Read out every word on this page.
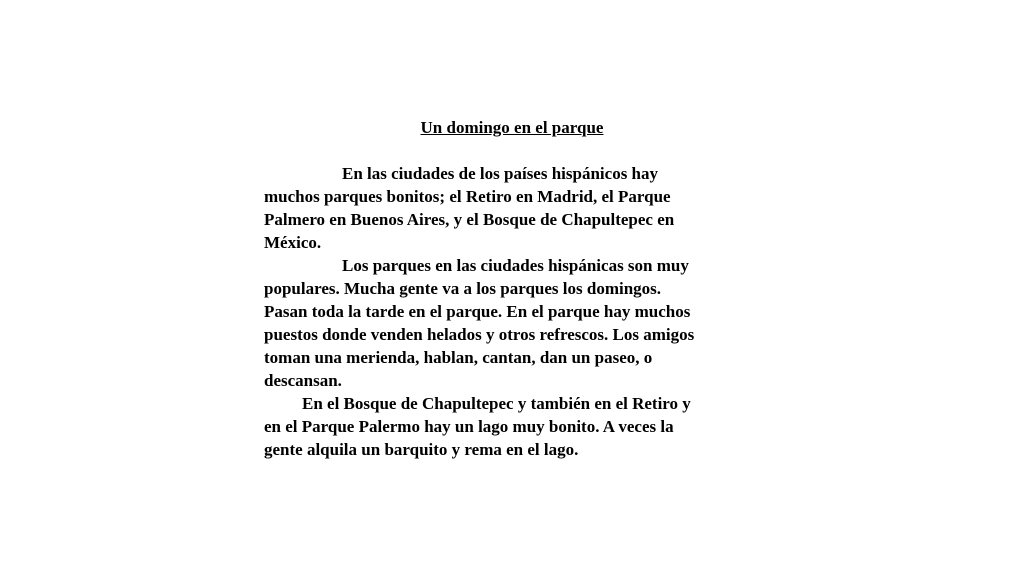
Un domingo en el parque
En las ciudades de los países hispánicos hay
muchos parques bonitos; el Retiro en Madrid, el Parque
Palmero en Buenos Aires, y el Bosque de Chapultepec en
México.
Los parques en las ciudades hispánicas son muy
populares. Mucha gente va a los parques los domingos.
Pasan toda la tarde en el parque. En el parque hay muchos
puestos donde venden helados y otros refrescos. Los amigos
toman una merienda, hablan, cantan, dan un paseo, o
descansan.
En el Bosque de Chapultepec y también en el Retiro y
en el Parque Palermo hay un lago muy bonito. A veces la
gente alquila un barquito y rema en el lago.
